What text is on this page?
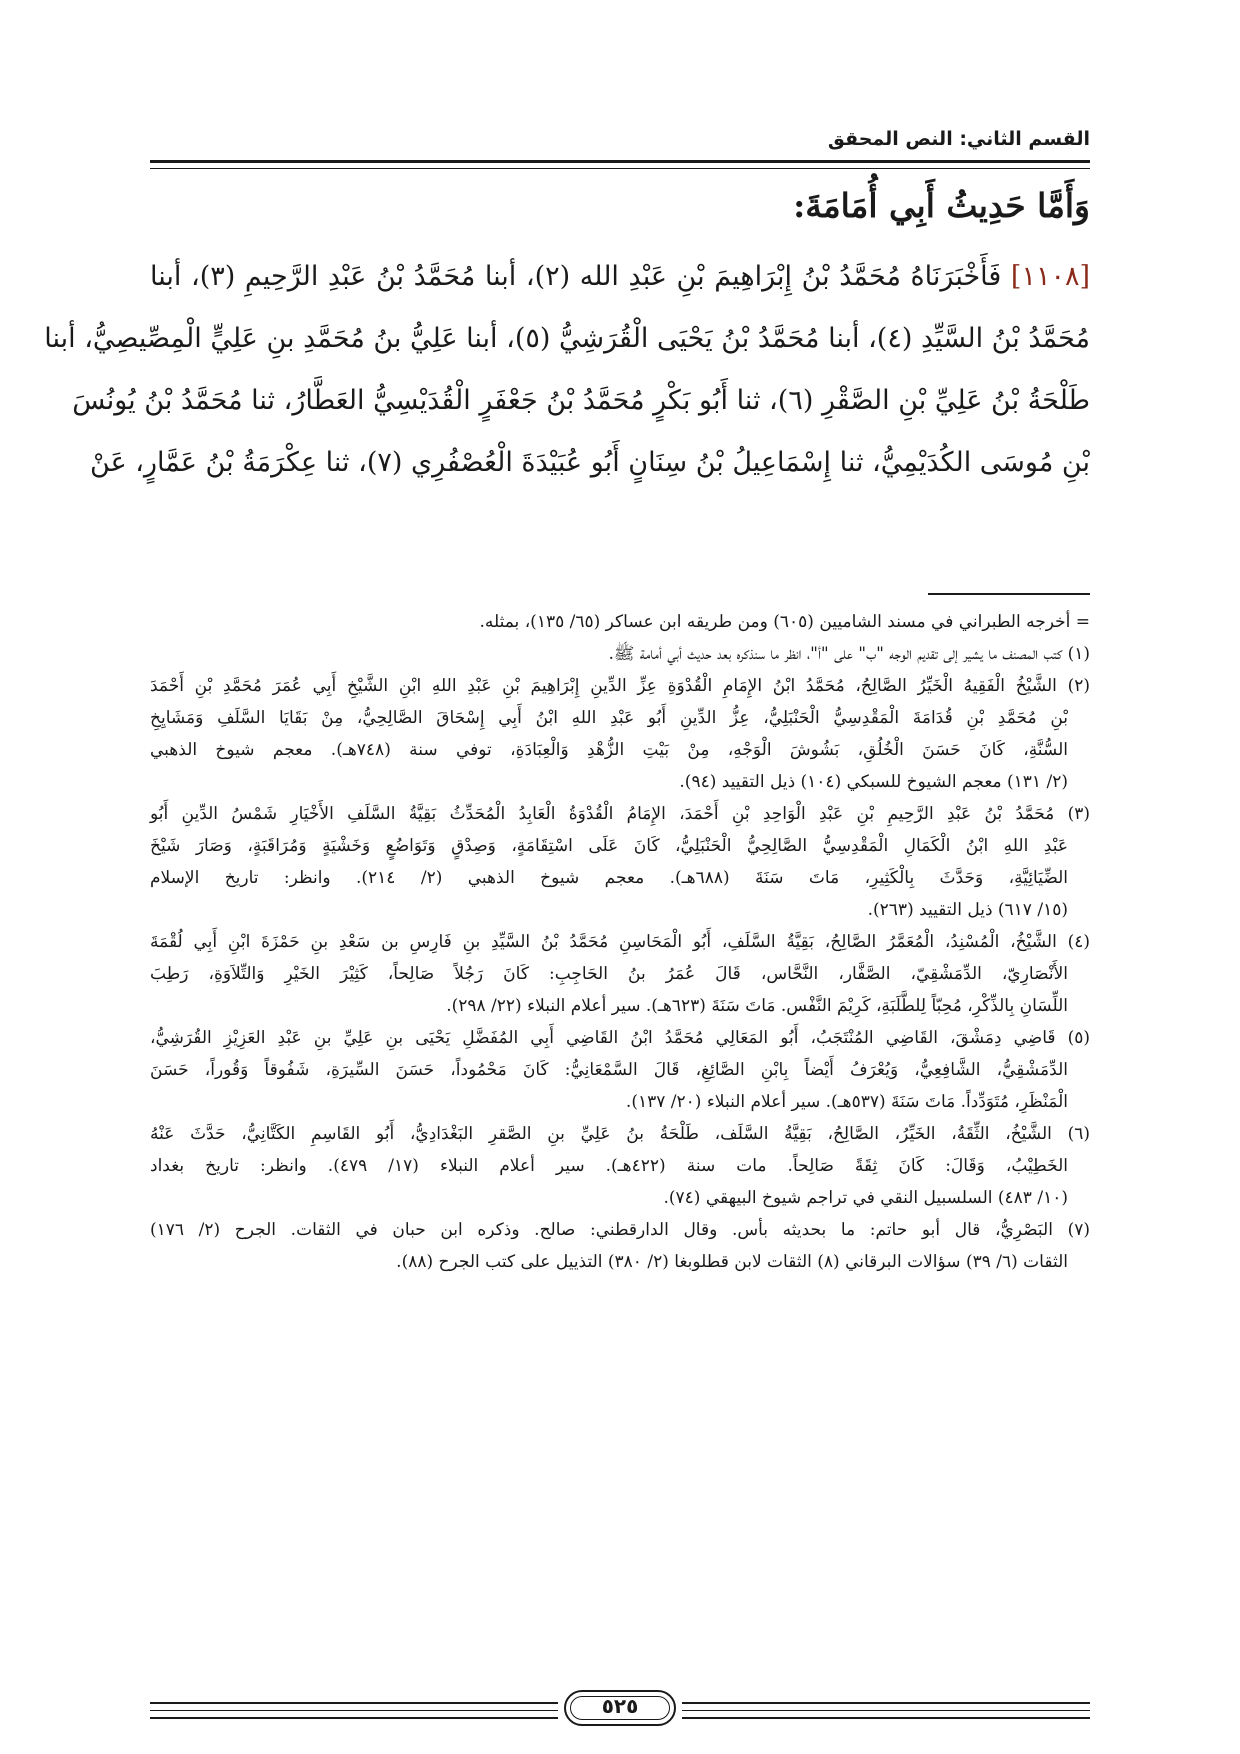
القسم الثاني: النص المحقق
وَأَمَّا حَدِيثُ أَبِي أُمَامَةَ:
[١١٠٨] فَأَخْبَرَنَاهُ مُحَمَّدُ بْنُ إِبْرَاهِيمَ بْنِ عَبْدِ الله (٢)، أبنا مُحَمَّدُ بْنُ عَبْدِ الرَّحِيمِ (٣)، أبنا
مُحَمَّدُ بْنُ السَّيِّدِ (٤)، أبنا مُحَمَّدُ بْنُ يَحْيَى الْقُرَشِيُّ (٥)، أبنا عَلِيُّ بنُ مُحَمَّدِ بنِ عَلِيٍّ الْمِصِّيصِيُّ، أبنا
طَلْحَةُ بْنُ عَلِيِّ بْنِ الصَّقْرِ (٦)، ثنا أَبُو بَكْرٍ مُحَمَّدُ بْنُ جَعْفَرٍ الْقُدَيْسِيُّ العَطَّارُ، ثنا مُحَمَّدُ بْنُ يُونُسَ
بْنِ مُوسَى الكُدَيْمِيُّ، ثنا إِسْمَاعِيلُ بْنُ سِنَانٍ أَبُو عُبَيْدَةَ الْعُصْفُرِي (٧)، ثنا عِكْرَمَةُ بْنُ عَمَّارٍ، عَنْ
= أخرجه الطبراني في مسند الشاميين (٦٠٥) ومن طريقه ابن عساكر (٦٥/ ١٣٥)، بمثله.
(١) كتب المصنف ما يشير إلى تقديم الوجه "ب" على "أ"، انظر ما سنذكره بعد حديث أبي أمامة ﷺ.
(٢) الشَّيْخُ الْفَقِيهُ الْخَيِّرُ الصَّالِحُ، مُحَمَّدُ ابْنُ الإِمَامِ الْقُدْوَةِ عِزِّ الدِّينِ إِبْرَاهِيمَ بْنِ عَبْدِ اللهِ ابْنِ الشَّيْخِ أَبِي عُمَرَ مُحَمَّدِ بْنِ أَحْمَدَ
بْنِ مُحَمَّدِ بْنِ قُدَامَةَ الْمَقْدِسِيُّ الْحَنْبَلِيُّ، عِزُّ الدِّينِ أَبُو عَبْدِ اللهِ ابْنُ أَبِي إِسْحَاقَ الصَّالِحِيُّ، مِنْ بَقَايَا السَّلَفِ وَمَشَايِخِ
السُّنَّةِ، كَانَ حَسَنَ الْخُلُقِ، بَشُوشَ الْوَجْهِ، مِنْ بَيْتِ الزُّهْدِ وَالْعِبَادَةِ، توفي سنة (٧٤٨هـ). معجم شيوخ الذهبي
(٢/ ١٣١) معجم الشيوخ للسبكي (١٠٤) ذيل التقييد (٩٤).
(٣) مُحَمَّدُ بْنُ عَبْدِ الرَّحِيمِ بْنِ عَبْدِ الْوَاحِدِ بْنِ أَحْمَدَ، الإِمَامُ الْقُدْوَةُ الْعَابِدُ الْمُحَدِّثُ بَقِيَّةُ السَّلَفِ الأَخْيَارِ شَمْسُ الدِّينِ أَبُو
عَبْدِ اللهِ ابْنُ الْكَمَالِ الْمَقْدِسِيُّ الصَّالِحِيُّ الْحَنْبَلِيُّ، كَانَ عَلَى اسْتِقَامَةٍ، وَصِدْقٍ وَتَوَاضُعٍ وَخَشْيَةٍ وَمُرَاقَبَةٍ، وَصَارَ شَيْخَ
الضِّيَائِيَّةِ، وَحَدَّثَ بِالْكَثِيرِ، مَاتَ سَنَةَ (٦٨٨هـ). معجم شيوخ الذهبي (٢/ ٢١٤). وانظر: تاريخ الإسلام
(١٥/ ٦١٧) ذيل التقييد (٢٦٣).
(٤) الشَّيْخُ، الْمُسْنِدُ، الْمُعَمَّرُ الصَّالِحُ، بَقِيَّةُ السَّلَفِ، أَبُو الْمَحَاسِنِ مُحَمَّدُ بْنُ السَّيِّدِ بنِ فَارِسِ بن سَعْدِ بنِ حَمْزَةَ ابْنِ أَبِي لُقْمَةَ
الأَنْصَارِيّ، الدِّمَشْقِيّ، الصَّفَّار، النَّحَّاس، قَالَ عُمَرُ بنُ الحَاجِبِ: كَانَ رَجُلاً صَالِحاً، كَثِيْرَ الخَيْرِ وَالتِّلاَوَةِ، رَطِبَ
اللِّسَانِ بِالذِّكْرِ، مُحِبّاً لِلطَّلَبَةِ، كَرِيْمَ النَّفْس. مَاتَ سَنَةَ (٦٢٣هـ). سير أعلام النبلاء (٢٢/ ٢٩٨).
(٥) قَاضِي دِمَشْقَ، القَاضِي المُنْتَجَبُ، أَبُو المَعَالِي مُحَمَّدُ ابْنُ القَاضِي أَبِي المُفَضَّلِ يَحْيَى بنِ عَلِيِّ بنِ عَبْدِ العَزِيْزِ القُرَشِيُّ،
الدِّمَشْقِيُّ، الشَّافِعِيُّ، وَيُعْرَفُ أَيْضاً بِابْنِ الصَّائِغِ، قَالَ السَّمْعَانِيُّ: كَانَ مَحْمُوداً، حَسَنَ السِّيرَةِ، شَفُوقاً وَقُوراً، حَسَنَ
الْمَنْظَرِ، مُتَوَدِّداً. مَاتَ سَنَةَ (٥٣٧هـ). سير أعلام النبلاء (٢٠/ ١٣٧).
(٦) الشَّيْخُ، الثِّقَةُ، الخَيِّرُ، الصَّالِحُ، بَقِيَّةُ السَّلَف، طَلْحَةُ بنُ عَلِيِّ بنِ الصَّقرِ البَغْدَادِيُّ، أَبُو القَاسِمِ الكَتَّانِيُّ، حَدَّثَ عَنْهُ
الخَطِيْبُ، وَقَالَ: كَانَ ثِقَةً صَالِحاً. مات سنة (٤٢٢هـ). سير أعلام النبلاء (١٧/ ٤٧٩). وانظر: تاريخ بغداد
(١٠/ ٤٨٣) السلسبيل النقي في تراجم شيوخ البيهقي (٧٤).
(٧) البَصْرِيُّ، قال أبو حاتم: ما بحديثه بأس. وقال الدارقطني: صالح. وذكره ابن حبان في الثقات. الجرح (٢/ ١٧٦)
الثقات (٦/ ٣٩) سؤالات البرقاني (٨) الثقات لابن قطلوبغا (٢/ ٣٨٠) التذييل على كتب الجرح (٨٨).
٥٢٥
